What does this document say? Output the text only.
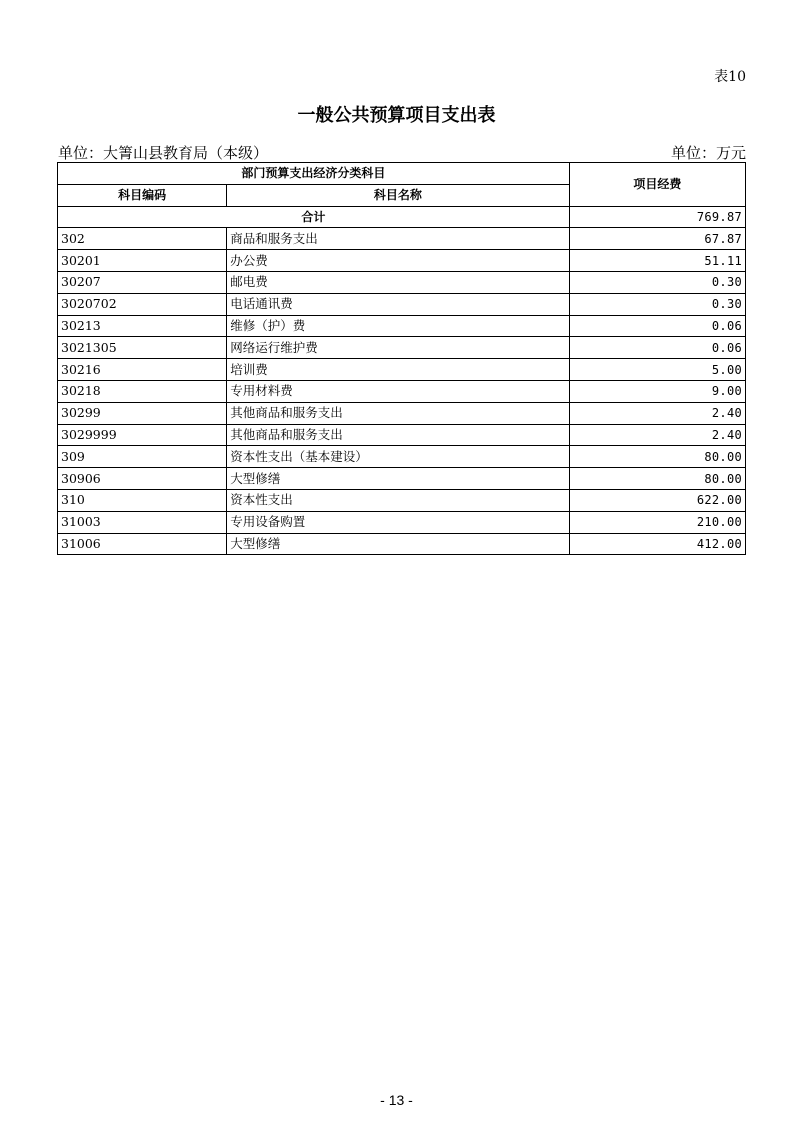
表10
一般公共预算项目支出表
单位：大箐山县教育局（本级）	单位：万元
部门预算支出经济分类科目		项目经费
科目编码	科目名称	
合计		769.87
302	商品和服务支出	67.87
30201	办公费	51.11
30207	邮电费	0.30
3020702	电话通讯费	0.30
30213	维修（护）费	0.06
3021305	网络运行维护费	0.06
30216	培训费	5.00
30218	专用材料费	9.00
30299	其他商品和服务支出	2.40
3029999	其他商品和服务支出	2.40
309	资本性支出（基本建设）	80.00
30906	大型修缮	80.00
310	资本性支出	622.00
31003	专用设备购置	210.00
31006	大型修缮	412.00
- 13 -
